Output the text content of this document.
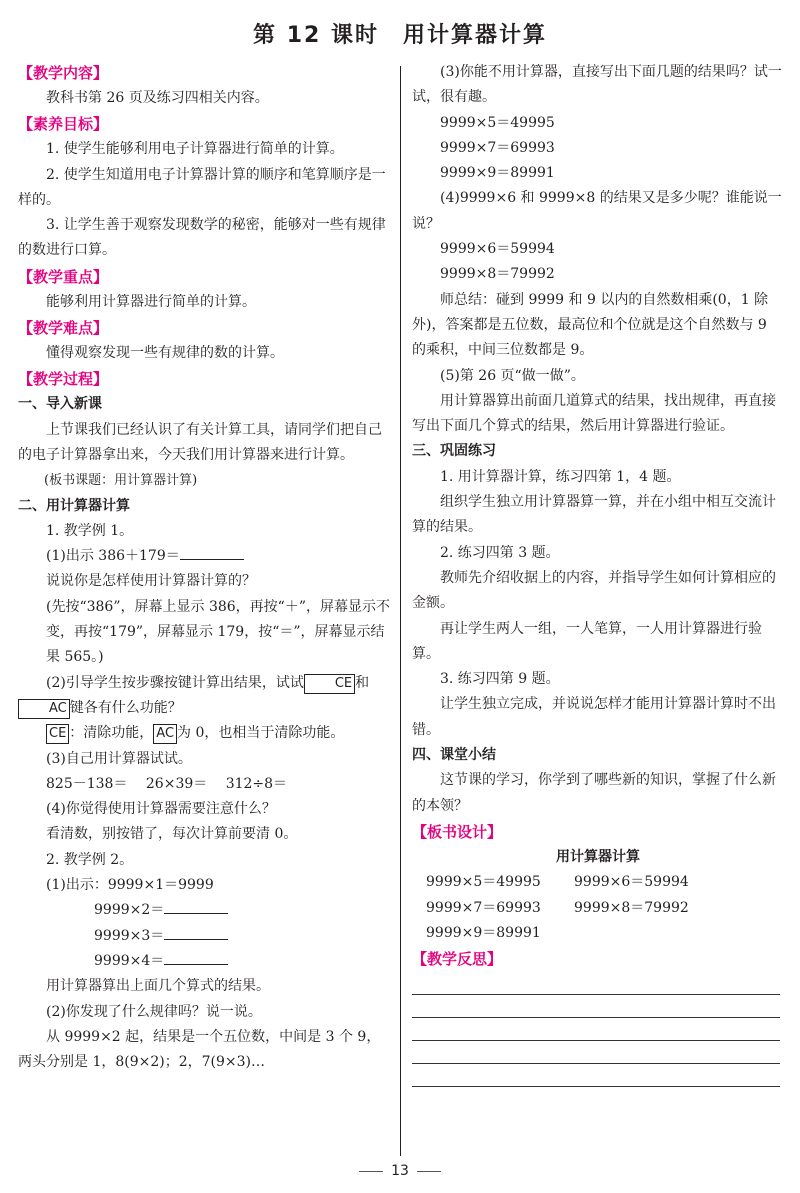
第 12 课时　用计算器计算

【教学内容】

教科书第 26 页及练习四相关内容。

【素养目标】

1. 使学生能够利用电子计算器进行简单的计算。

2. 使学生知道用电子计算器计算的顺序和笔算顺序是一样的。

3. 让学生善于观察发现数学的秘密，能够对一些有规律的数进行口算。

【教学重点】

能够利用计算器进行简单的计算。

【教学难点】

懂得观察发现一些有规律的数的计算。

【教学过程】

一、导入新课

上节课我们已经认识了有关计算工具，请同学们把自己的电子计算器拿出来，今天我们用计算器来进行计算。

(板书课题：用计算器计算)

二、用计算器计算

1. 教学例 1。

(1)出示 386＋179＝

说说你是怎样使用计算器计算的？

(先按“386”，屏幕上显示 386，再按“＋”，屏幕显示不变，再按“179”，屏幕显示 179，按“＝”，屏幕显示结果 565。)

(2)引导学生按步骤按键计算出结果，试试 CE 和AC 键各有什么功能？

CE ：清除功能， AC 为 0，也相当于清除功能。

(3)自己用计算器试试。

825－138＝　 26×39＝　 312÷8＝

(4)你觉得使用计算器需要注意什么？

看清数，别按错了，每次计算前要清 0。

2. 教学例 2。

(1)出示：9999×1＝9999

9999×2＝

9999×3＝

9999×4＝

用计算器算出上面几个算式的结果。

(2)你发现了什么规律吗？说一说。

从 9999×2 起，结果是一个五位数，中间是 3 个 9，两头分别是 1，8(9×2)；2，7(9×3)…

(3)你能不用计算器，直接写出下面几题的结果吗？试一试，很有趣。

9999×5＝49995

9999×7＝69993

9999×9＝89991

(4)9999×6 和 9999×8 的结果又是多少呢？谁能说一说？

9999×6＝59994

9999×8＝79992

师总结：碰到 9999 和 9 以内的自然数相乘(0，1 除外)，答案都是五位数，最高位和个位就是这个自然数与 9 的乘积，中间三位数都是 9。

(5)第 26 页“做一做”。

用计算器算出前面几道算式的结果，找出规律，再直接写出下面几个算式的结果，然后用计算器进行验证。

三、巩固练习

1. 用计算器计算，练习四第 1，4 题。

组织学生独立用计算器算一算，并在小组中相互交流计算的结果。

2. 练习四第 3 题。

教师先介绍收据上的内容，并指导学生如何计算相应的金额。

再让学生两人一组，一人笔算，一人用计算器进行验算。

3. 练习四第 9 题。

让学生独立完成，并说说怎样才能用计算器计算时不出错。

四、课堂小结

这节课的学习，你学到了哪些新的知识，掌握了什么新的本领？

【板书设计】

用计算器计算

9999×5＝49995	9999×6＝59994
9999×7＝69993	9999×8＝79992
9999×9＝89991

【教学反思】

13
